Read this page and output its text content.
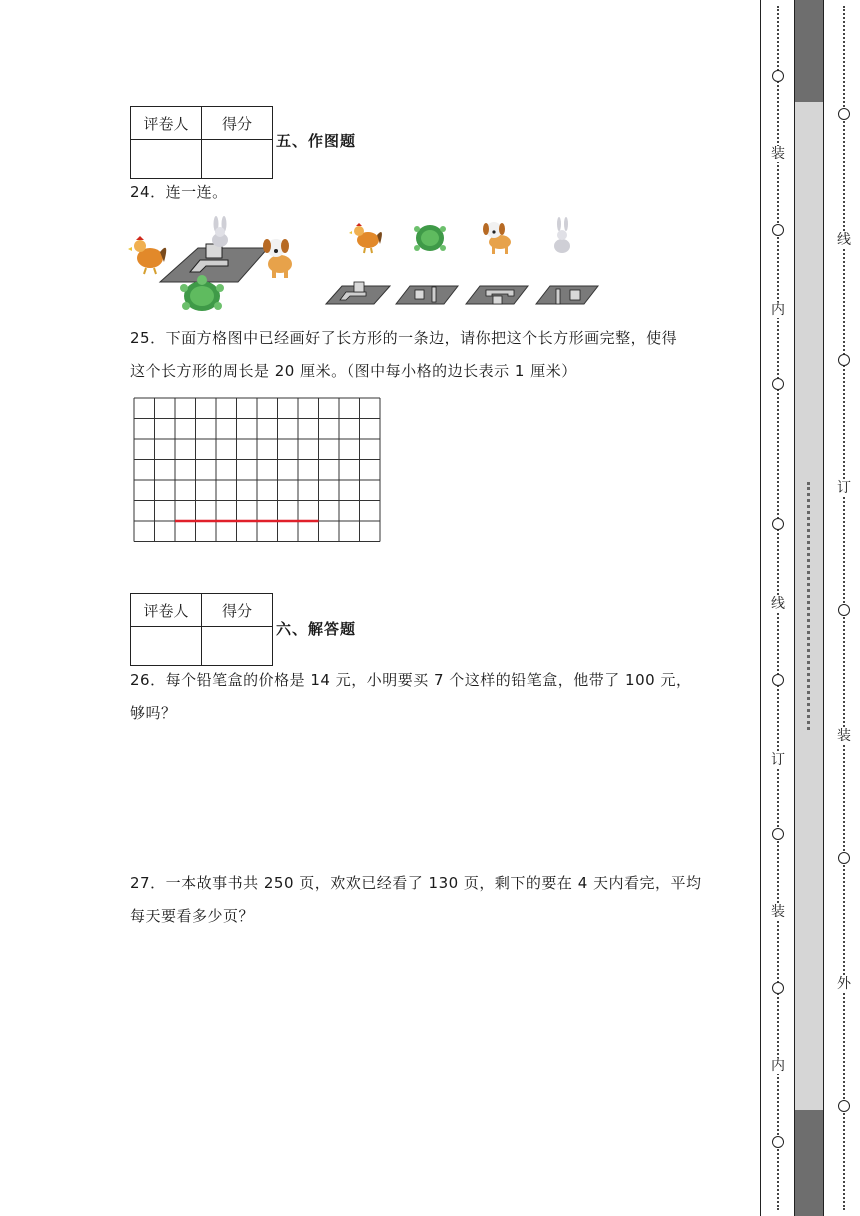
评卷人	得分

五、作图题
24．连一连。
25．下面方格图中已经画好了长方形的一条边，请你把这个长方形画完整，使得
这个长方形的周长是 20 厘米。（图中每小格的边长表示 1 厘米）
评卷人	得分

六、解答题
26．每个铅笔盒的价格是 14 元，小明要买 7 个这样的铅笔盒，他带了 100 元，
够吗？
27．一本故事书共 250 页，欢欢已经看了 130 页，剩下的要在 4 天内看完，平均
每天要看多少页？
装
内
线
订
装
内
线
订
装
外
